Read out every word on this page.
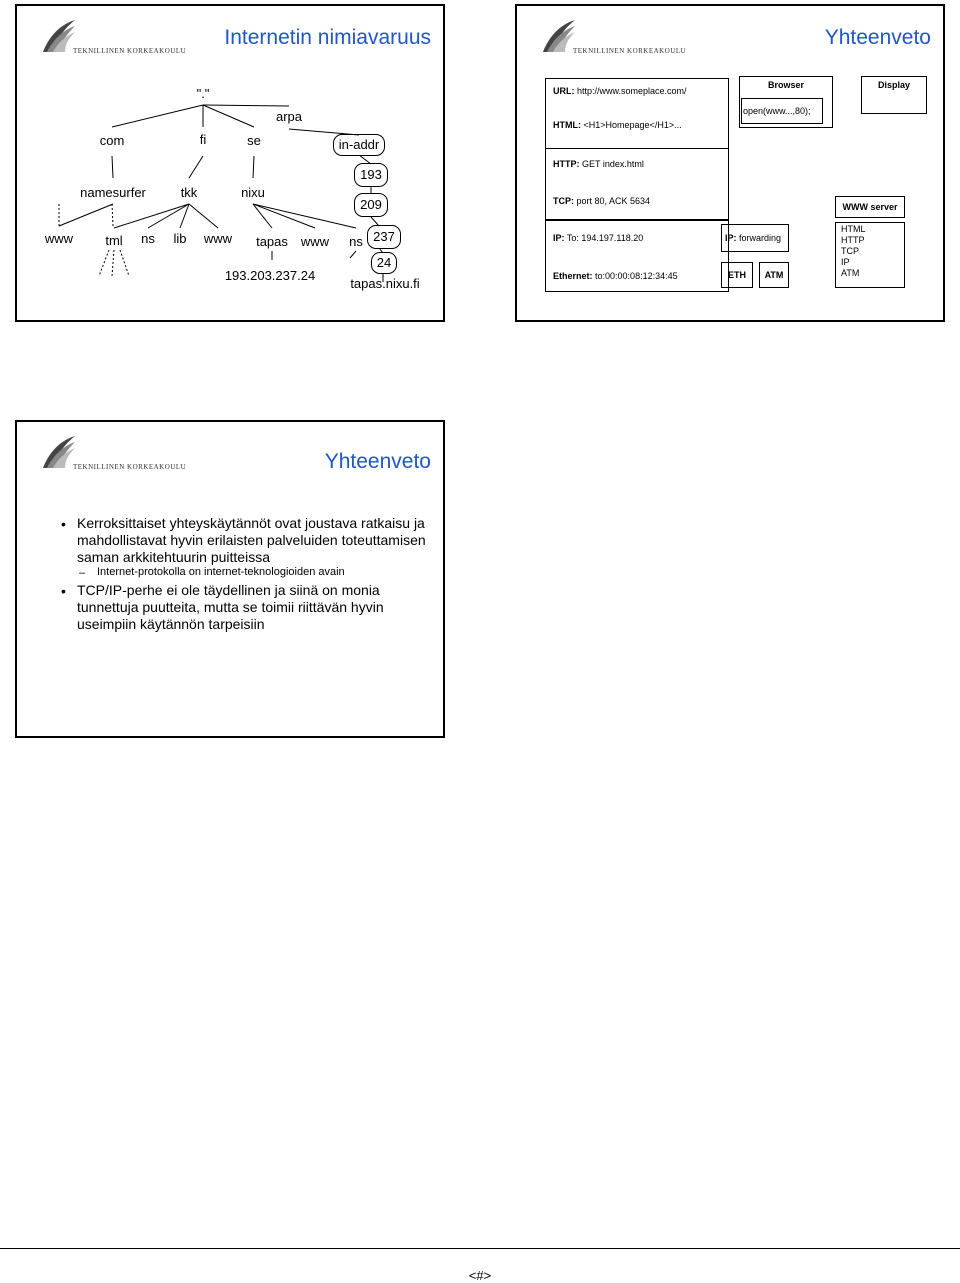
TEKNILLINEN KORKEAKOULU
Internetin nimiavaruus
"."
arpa
com	fi	se	in-addr
193
209
namesurfer	tkk	nixu
www	tml	ns	lib	www	tapas	www	ns 237
24
193.203.237.24
tapas.nixu.fi
TEKNILLINEN KORKEAKOULU
Yhteenveto
URL: http://www.someplace.com/
HTML: <H1>Homepage</H1>...
HTTP: GET index.html
TCP: port 80, ACK 5634
IP: To: 194.197.118.20
Ethernet: to:00:00:08:12:34:45
Browser
open(www...,80);
Display
IP: forwarding
ETH	ATM
WWW server
HTML
HTTP
TCP
IP
ATM
TEKNILLINEN KORKEAKOULU	Yhteenveto
• Kerroksittaiset yhteyskäytännöt ovat joustava ratkaisu ja mahdollistavat hyvin erilaisten palveluiden toteuttamisen saman arkkitehtuurin puitteissa
– Internet-protokolla on internet-teknologioiden avain
• TCP/IP-perhe ei ole täydellinen ja siinä on monia tunnettuja puutteita, mutta se toimii riittävän hyvin useimpiin käytännön tarpeisiin
<#>
